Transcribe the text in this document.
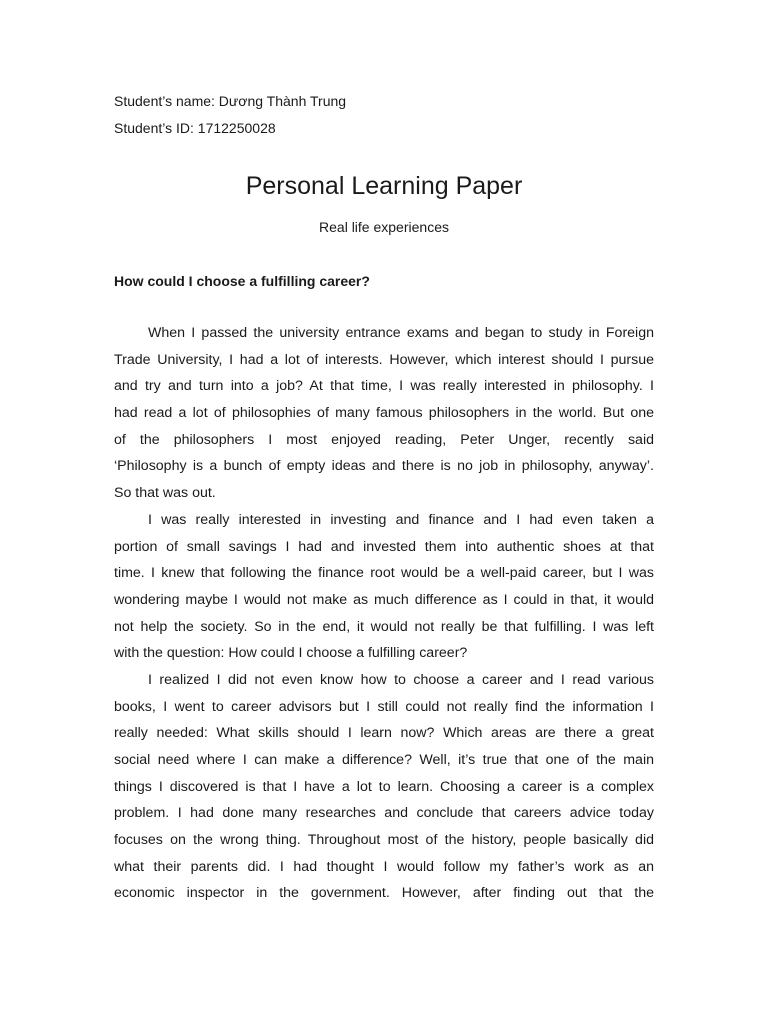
Student’s name: Dương Thành Trung
Student’s ID: 1712250028
Personal Learning Paper
Real life experiences
How could I choose a fulfilling career?
When I passed the university entrance exams and began to study in Foreign
Trade University, I had a lot of interests. However, which interest should I pursue
and try and turn into a job? At that time, I was really interested in philosophy. I
had read a lot of philosophies of many famous philosophers in the world. But one
of the philosophers I most enjoyed reading, Peter Unger, recently said
‘Philosophy is a bunch of empty ideas and there is no job in philosophy, anyway’.
So that was out.
I was really interested in investing and finance and I had even taken a
portion of small savings I had and invested them into authentic shoes at that
time. I knew that following the finance root would be a well-paid career, but I was
wondering maybe I would not make as much difference as I could in that, it would
not help the society. So in the end, it would not really be that fulfilling. I was left
with the question: How could I choose a fulfilling career?
I realized I did not even know how to choose a career and I read various
books, I went to career advisors but I still could not really find the information I
really needed: What skills should I learn now? Which areas are there a great
social need where I can make a difference? Well, it’s true that one of the main
things I discovered is that I have a lot to learn. Choosing a career is a complex
problem. I had done many researches and conclude that careers advice today
focuses on the wrong thing. Throughout most of the history, people basically did
what their parents did. I had thought I would follow my father’s work as an
economic inspector in the government. However, after finding out that the
